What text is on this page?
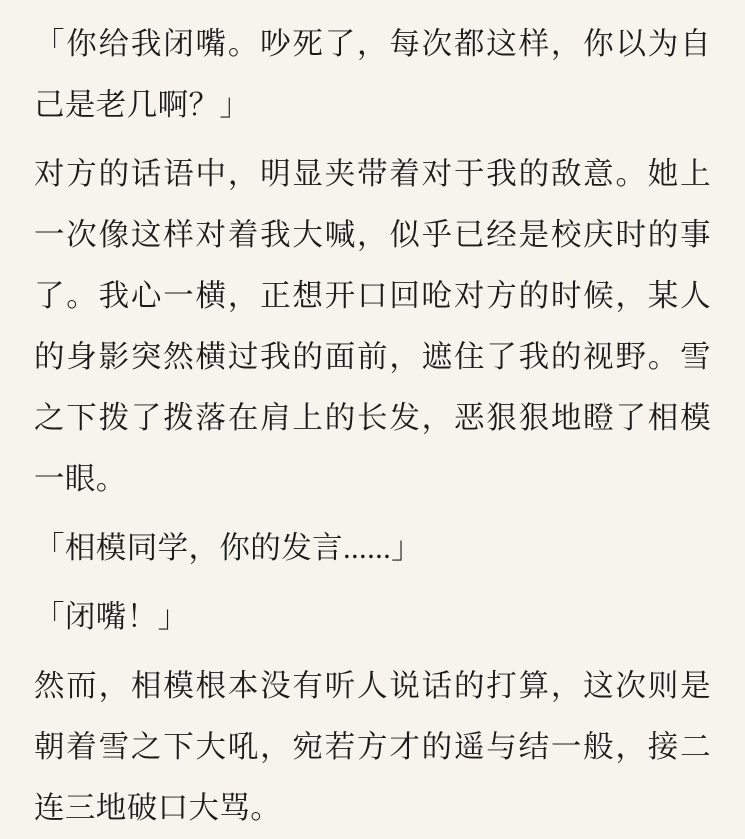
「你给我闭嘴。吵死了，每次都这样，你以为自己是老几啊？」

对方的话语中，明显夹带着对于我的敌意。她上一次像这样对着我大喊，似乎已经是校庆时的事了。我心一横，正想开口回呛对方的时候，某人的身影突然横过我的面前，遮住了我的视野。雪之下拨了拨落在肩上的长发，恶狠狠地瞪了相模一眼。

「相模同学，你的发言......」

「闭嘴！」

然而，相模根本没有听人说话的打算，这次则是朝着雪之下大吼，宛若方才的遥与结一般，接二连三地破口大骂。
